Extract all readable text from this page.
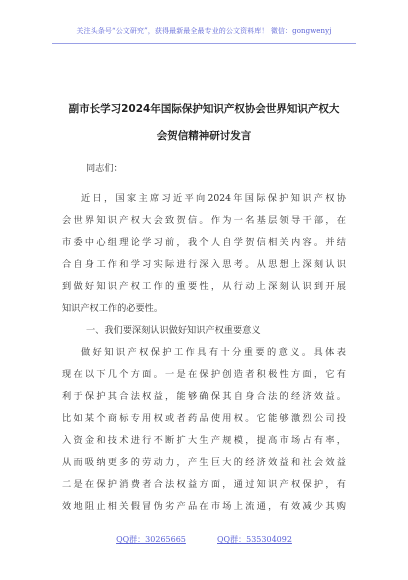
关注头条号“公文研究”，获得最新最全最专业的公文资料库！ 微信：gongwenyj
副市长学习2024年国际保护知识产权协会世界知识产权大
会贺信精神研讨发言
同志们：
近日，国家主席习近平向2024年国际保护知识产权协
会世界知识产权大会致贺信。作为一名基层领导干部，在
市委中心组理论学习前，我个人自学贺信相关内容。并结
合自身工作和学习实际进行深入思考。从思想上深刻认识
到做好知识产权工作的重要性，从行动上深刻认识到开展
知识产权工作的必要性。
一、我们要深刻认识做好知识产权重要意义
做好知识产权保护工作具有十分重要的意义。具体表
现在以下几个方面。一是在保护创造者积极性方面，它有
利于保护其合法权益，能够确保其自身合法的经济效益。
比如某个商标专用权或者药品使用权。它能够激烈公司投
入资金和技术进行不断扩大生产规模，提高市场占有率，
从而吸纳更多的劳动力，产生巨大的经济效益和社会效益
二是在保护消费者合法权益方面，通过知识产权保护，有
效地阻止相关假冒伪劣产品在市场上流通，有效减少其购
QQ群：30265665	QQ群：535304092
